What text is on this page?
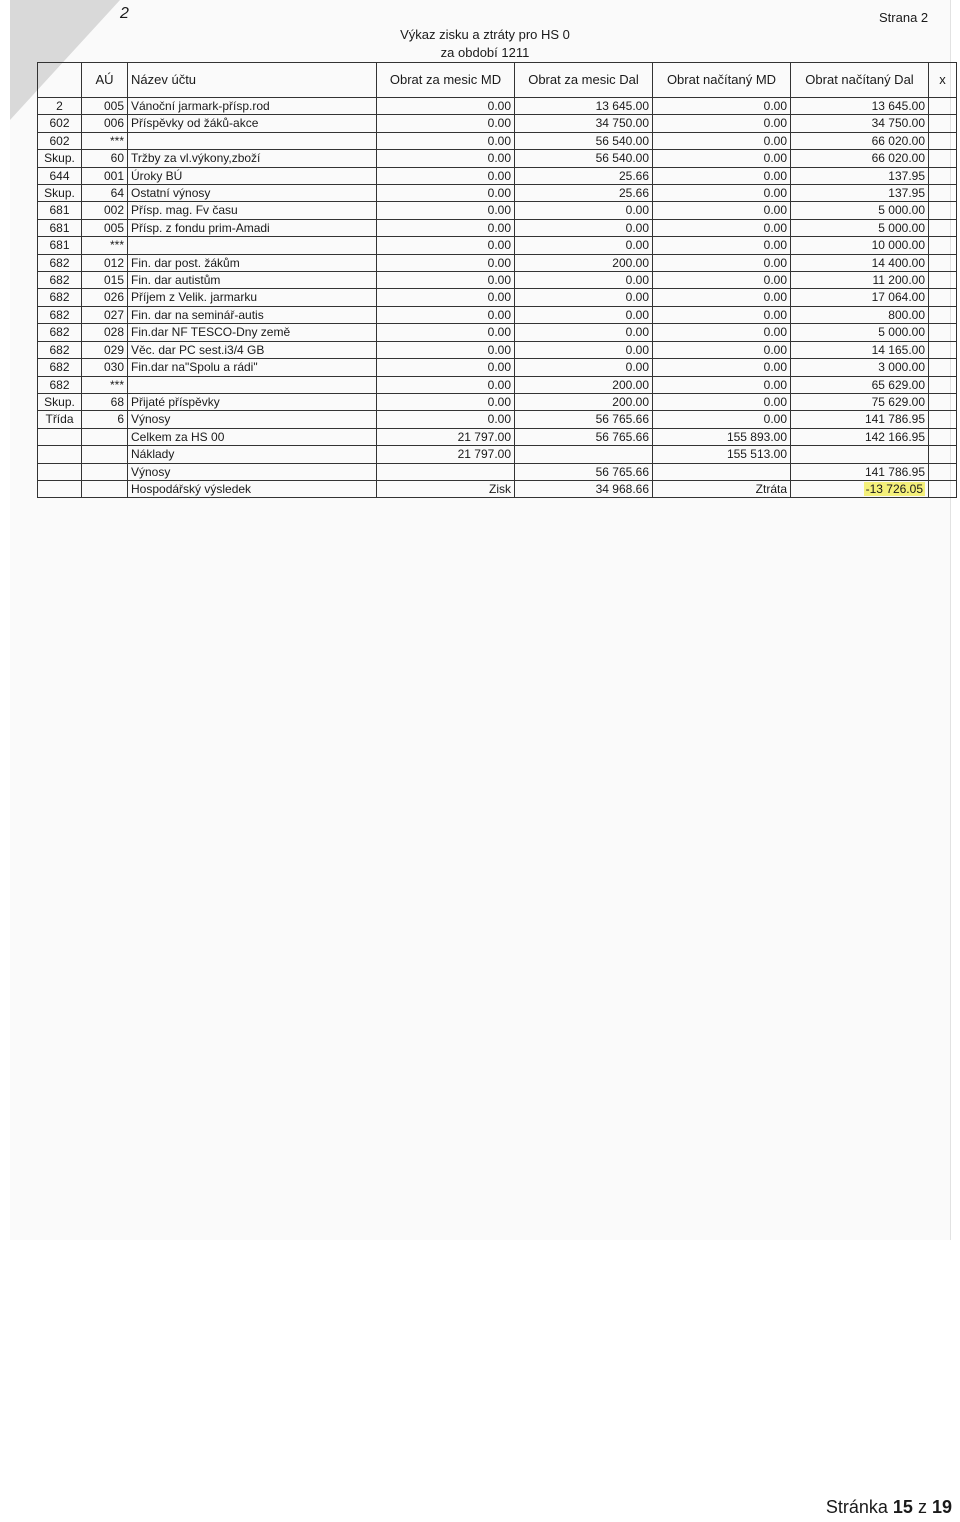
2	Strana 2
Výkaz zisku a ztráty pro HS 0
za období 1211
	AÚ	Název účtu	Obrat za mesic MD	Obrat za mesic Dal	Obrat načítaný MD	Obrat načítaný Dal	x
2	005	Vánoční jarmark-přísp.rod	0.00	13 645.00	0.00	13 645.00	
602	006	Příspěvky od žáků-akce	0.00	34 750.00	0.00	34 750.00	
602	***		0.00	56 540.00	0.00	66 020.00	
Skup.	60	Tržby za vl.výkony,zboží	0.00	56 540.00	0.00	66 020.00	
644	001	Úroky BÚ	0.00	25.66	0.00	137.95	
Skup.	64	Ostatní výnosy	0.00	25.66	0.00	137.95	
681	002	Přísp. mag. Fv času	0.00	0.00	0.00	5 000.00	
681	005	Přísp. z fondu prim-Amadi	0.00	0.00	0.00	5 000.00	
681	***		0.00	0.00	0.00	10 000.00	
682	012	Fin. dar post. žákům	0.00	200.00	0.00	14 400.00	
682	015	Fin. dar autistům	0.00	0.00	0.00	11 200.00	
682	026	Příjem z Velik. jarmarku	0.00	0.00	0.00	17 064.00	
682	027	Fin. dar na seminář-autis	0.00	0.00	0.00	800.00	
682	028	Fin.dar NF TESCO-Dny země	0.00	0.00	0.00	5 000.00	
682	029	Věc. dar PC sest.i3/4 GB	0.00	0.00	0.00	14 165.00	
682	030	Fin.dar na"Spolu a rádi"	0.00	0.00	0.00	3 000.00	
682	***		0.00	200.00	0.00	65 629.00	
Skup.	68	Přijaté příspěvky	0.00	200.00	0.00	75 629.00	
Třída	6	Výnosy	0.00	56 765.66	0.00	141 786.95	
		Celkem za HS 00	21 797.00	56 765.66	155 893.00	142 166.95	
		Náklady	21 797.00		155 513.00		
		Výnosy		56 765.66		141 786.95	
		Hospodářský výsledek	Zisk	34 968.66	Ztráta	-13 726.05	
Stránka 15 z 19
